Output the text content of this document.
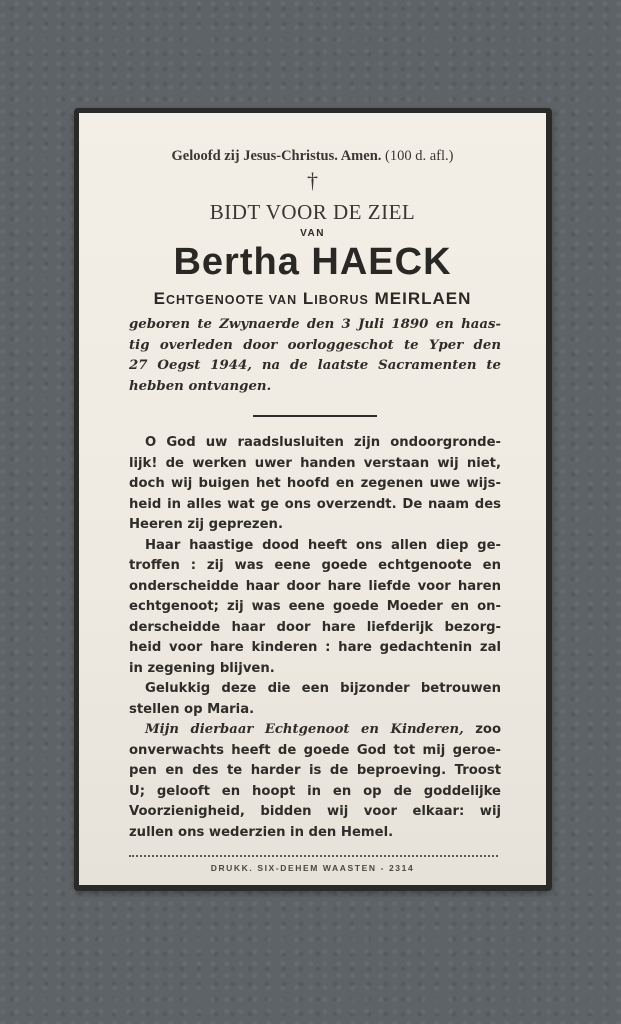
Geloofd zij Jesus-Christus. Amen. (100 d. afl.)
†
BIDT VOOR DE ZIEL
VAN
Bertha HAECK
ECHTGENOOTE VAN LIBORUS MEIRLAEN
geboren te Zwynaerde den 3 Juli 1890 en haas-
tig overleden door oorloggeschot te Yper den
27 Oegst 1944, na de laatste Sacramenten te
hebben ontvangen.
O God uw raadslusluiten zijn ondoorgronde-
lijk! de werken uwer handen verstaan wij niet,
doch wij buigen het hoofd en zegenen uwe wijs-
heid in alles wat ge ons overzendt. De naam des
Heeren zij geprezen.
Haar haastige dood heeft ons allen diep ge-
troffen : zij was eene goede echtgenoote en
onderscheidde haar door hare liefde voor haren
echtgenoot; zij was eene goede Moeder en on-
derscheidde haar door hare liefderijk bezorg-
heid voor hare kinderen : hare gedachtenin zal
in zegening blijven.
Gelukkig deze die een bijzonder betrouwen
stellen op Maria.
Mijn dierbaar Echtgenoot en Kinderen, zoo
onverwachts heeft de goede God tot mij geroe-
pen en des te harder is de beproeving. Troost
U; gelooft en hoopt in en op de goddelijke
Voorzienigheid, bidden wij voor elkaar: wij
zullen ons wederzien in den Hemel.
DRUKK. SIX-DEHEM WAASTEN - 2314
